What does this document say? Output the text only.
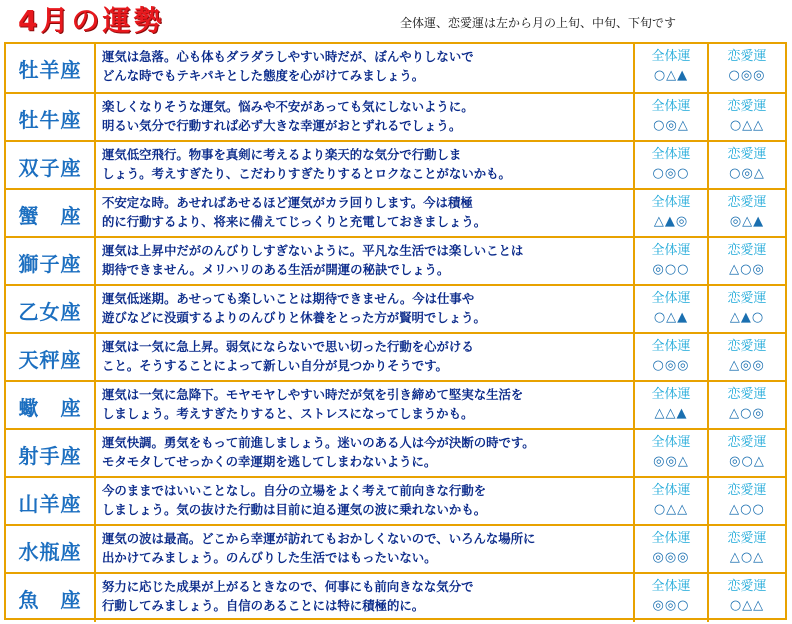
4月の運勢	全体運、恋愛運は左から月の上旬、中旬、下旬です
牡羊座
運気は急落。心も体もダラダラしやすい時だが、ぼんやりしないで
どんな時でもテキパキとした態度を心がけてみましょう。
全体運
○△▲
恋愛運
○◎◎
牡牛座
楽しくなりそうな運気。悩みや不安があっても気にしないように。
明るい気分で行動すれば必ず大きな幸運がおとずれるでしょう。
全体運
○◎△
恋愛運
○△△
双子座
運気低空飛行。物事を真剣に考えるより楽天的な気分で行動しま
しょう。考えすぎたり、こだわりすぎたりするとロクなことがないかも。
全体運
○◎○
恋愛運
○◎△
蟹　座
不安定な時。あせればあせるほど運気がカラ回りします。今は積極
的に行動するより、将来に備えてじっくりと充電しておきましょう。
全体運
△▲◎
恋愛運
◎△▲
獅子座
運気は上昇中だがのんびりしすぎないように。平凡な生活では楽しいことは
期待できません。メリハリのある生活が開運の秘訣でしょう。
全体運
◎○○
恋愛運
△○◎
乙女座
運気低迷期。あせっても楽しいことは期待できません。今は仕事や
遊びなどに没頭するよりのんびりと休養をとった方が賢明でしょう。
全体運
○△▲
恋愛運
△▲○
天秤座
運気は一気に急上昇。弱気にならないで思い切った行動を心がける
こと。そうすることによって新しい自分が見つかりそうです。
全体運
○◎◎
恋愛運
△◎◎
蠍　座
運気は一気に急降下。モヤモヤしやすい時だが気を引き締めて堅実な生活を
しましょう。考えすぎたりすると、ストレスになってしまうかも。
全体運
△△▲
恋愛運
△○◎
射手座
運気快調。勇気をもって前進しましょう。迷いのある人は今が決断の時です。
モタモタしてせっかくの幸運期を逃してしまわないように。
全体運
◎◎△
恋愛運
◎○△
山羊座
今のままではいいことなし。自分の立場をよく考えて前向きな行動を
しましょう。気の抜けた行動は目前に迫る運気の波に乗れないかも。
全体運
○△△
恋愛運
△○○
水瓶座
運気の波は最高。どこから幸運が訪れてもおかしくないので、いろんな場所に
出かけてみましょう。のんびりした生活ではもったいない。
全体運
◎◎◎
恋愛運
△○△
魚　座
努力に応じた成果が上がるときなので、何事にも前向きなな気分で
行動してみましょう。自信のあることには特に積極的に。
全体運
◎◎○
恋愛運
○△△
